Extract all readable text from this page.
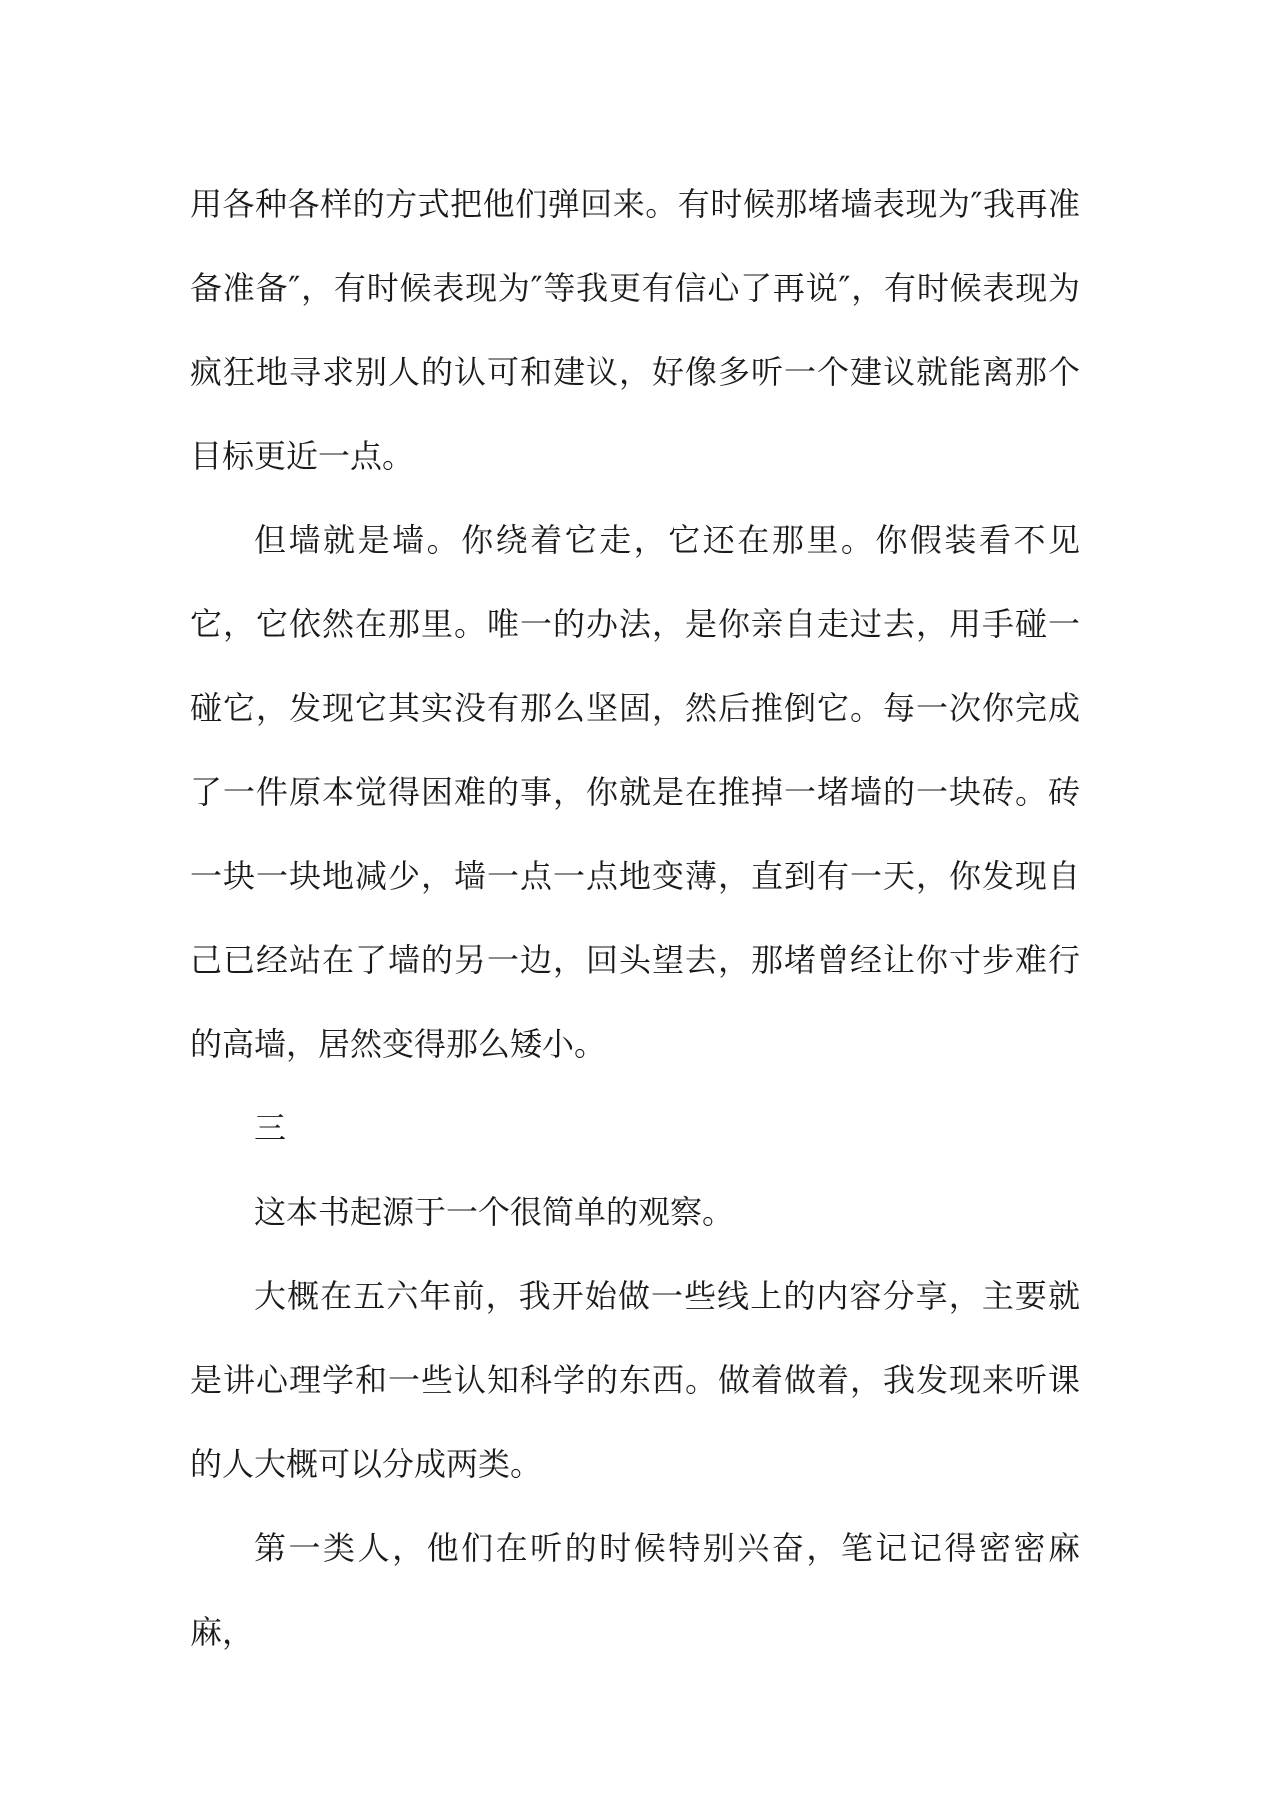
用各种各样的方式把他们弹回来。有时候那堵墙表现为″我再准备准备″，有时候表现为″等我更有信心了再说″，有时候表现为疯狂地寻求别人的认可和建议，好像多听一个建议就能离那个目标更近一点。

但墙就是墙。你绕着它走，它还在那里。你假装看不见它，它依然在那里。唯一的办法，是你亲自走过去，用手碰一碰它，发现它其实没有那么坚固，然后推倒它。每一次你完成了一件原本觉得困难的事，你就是在推掉一堵墙的一块砖。砖一块一块地减少，墙一点一点地变薄，直到有一天，你发现自己已经站在了墙的另一边，回头望去，那堵曾经让你寸步难行的高墙，居然变得那么矮小。

三

这本书起源于一个很简单的观察。

大概在五六年前，我开始做一些线上的内容分享，主要就是讲心理学和一些认知科学的东西。做着做着，我发现来听课的人大概可以分成两类。

第一类人，他们在听的时候特别兴奋，笔记记得密密麻麻，
